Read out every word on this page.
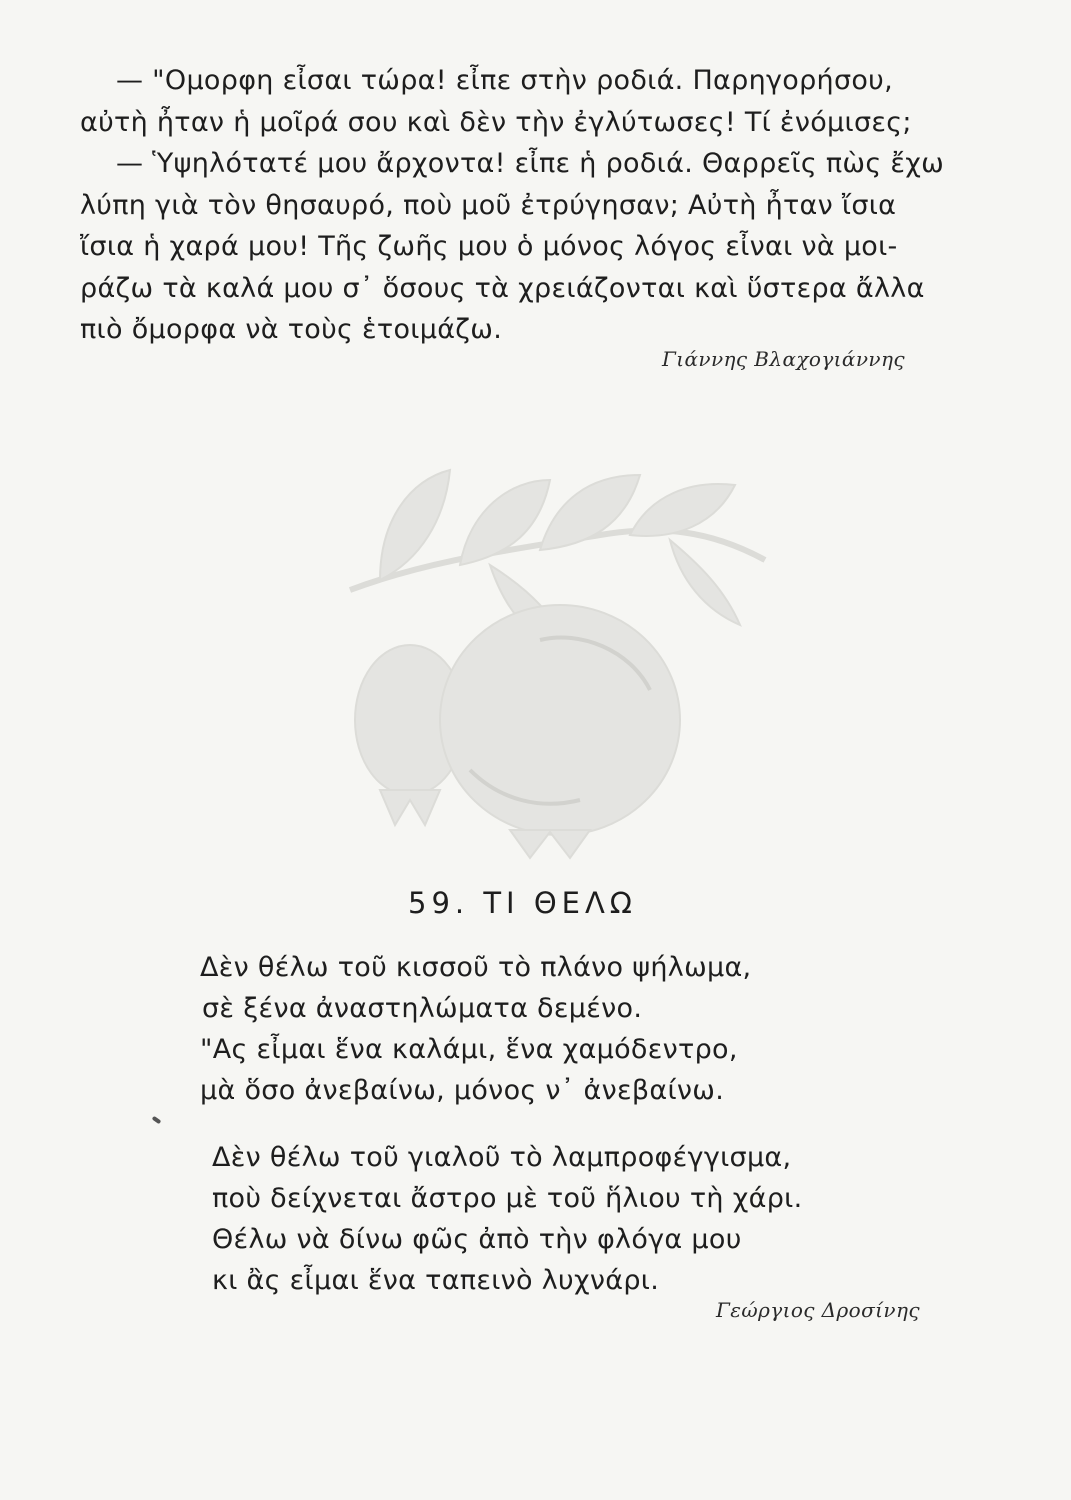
— "Ομορφη εἶσαι τώρα! εἶπε στὴν ροδιά. Παρηγορήσου,
αὐτὴ ἦταν ἡ μοῖρά σου καὶ δὲν τὴν ἐγλύτωσες! Τί ἐνόμισες;
— Ὑψηλότατέ μου ἄρχοντα! εἶπε ἡ ροδιά. Θαρρεῖς πὼς ἔχω
λύπη γιὰ τὸν θησαυρό, ποὺ μοῦ ἐτρύγησαν; Αὐτὴ ἦταν ἴσια
ἴσια ἡ χαρά μου! Τῆς ζωῆς μου ὁ μόνος λόγος εἶναι νὰ μοι-
ράζω τὰ καλά μου σ᾽ ὅσους τὰ χρειάζονται καὶ ὕστερα ἄλλα
πιὸ ὄμορφα νὰ τοὺς ἑτοιμάζω.
Γιάννης Βλαχογιάννης
59. ΤΙ ΘΕΛΩ
Δὲν θέλω τοῦ κισσοῦ τὸ πλάνο ψήλωμα,
σὲ ξένα ἀναστηλώματα δεμένο.
"Ας εἶμαι ἕνα καλάμι, ἕνα χαμόδεντρο,
μὰ ὅσο ἀνεβαίνω, μόνος ν᾽ ἀνεβαίνω.
Δὲν θέλω τοῦ γιαλοῦ τὸ λαμπροφέγγισμα,
ποὺ δείχνεται ἄστρο μὲ τοῦ ἥλιου τὴ χάρι.
Θέλω νὰ δίνω φῶς ἀπὸ τὴν φλόγα μου
κι ἂς εἶμαι ἕνα ταπεινὸ λυχνάρι.
Γεώργιος Δροσίνης
